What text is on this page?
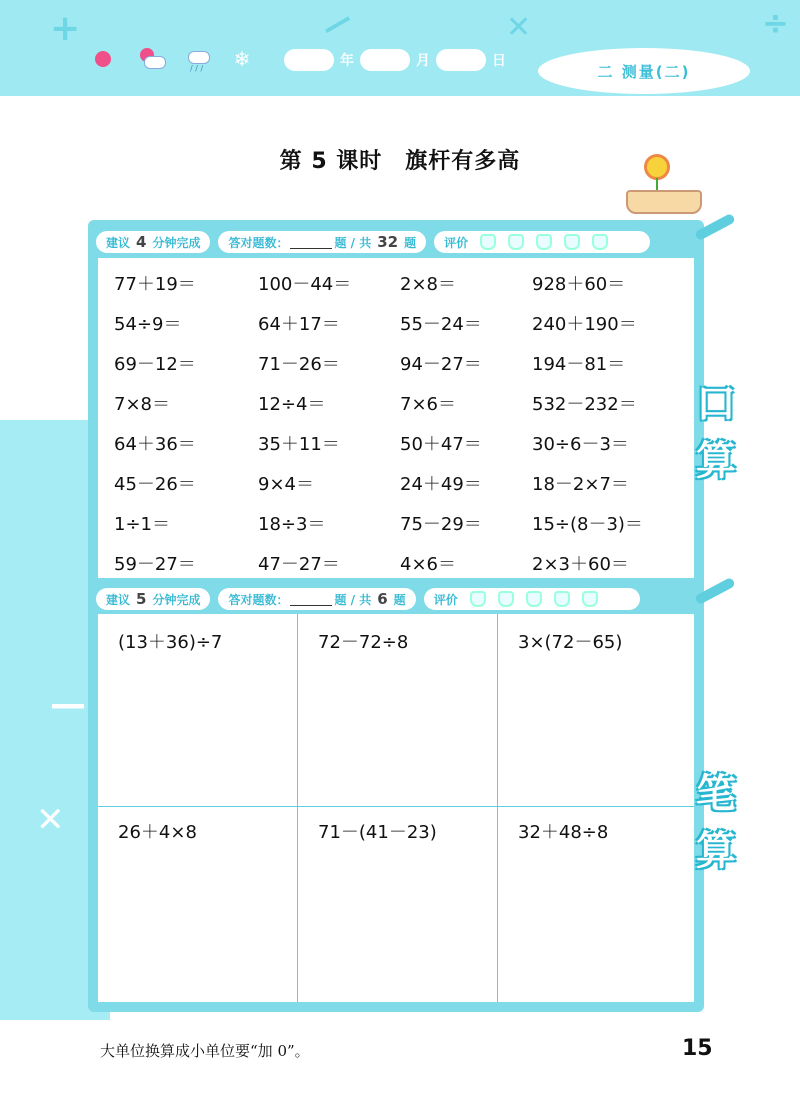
+	—	✕	÷
/ / / ❄	年	月	日
二 测量(二)
第 5 课时　旗杆有多高
—
✕
建议 4 分钟完成 答对题数：	题 / 共 32 题 评价
建议 5 分钟完成 答对题数：	题 / 共 6 题 评价
77＋19＝	100－44＝	2×8＝	928＋60＝
54÷9＝	64＋17＝	55－24＝	240＋190＝
69－12＝	71－26＝	94－27＝	194－81＝
7×8＝	12÷4＝	7×6＝	532－232＝
64＋36＝	35＋11＝	50＋47＝	30÷6－3＝
45－26＝	9×4＝	24＋49＝	18－2×7＝
1÷1＝	18÷3＝	75－29＝	15÷(8－3)＝
59－27＝	47－27＝	4×6＝	2×3＋60＝
(13＋36)÷7	72－72÷8	3×(72－65)
26＋4×8	71－(41－23)	32＋48÷8
口
算
笔
算
大单位换算成小单位要“加 0”。	15
